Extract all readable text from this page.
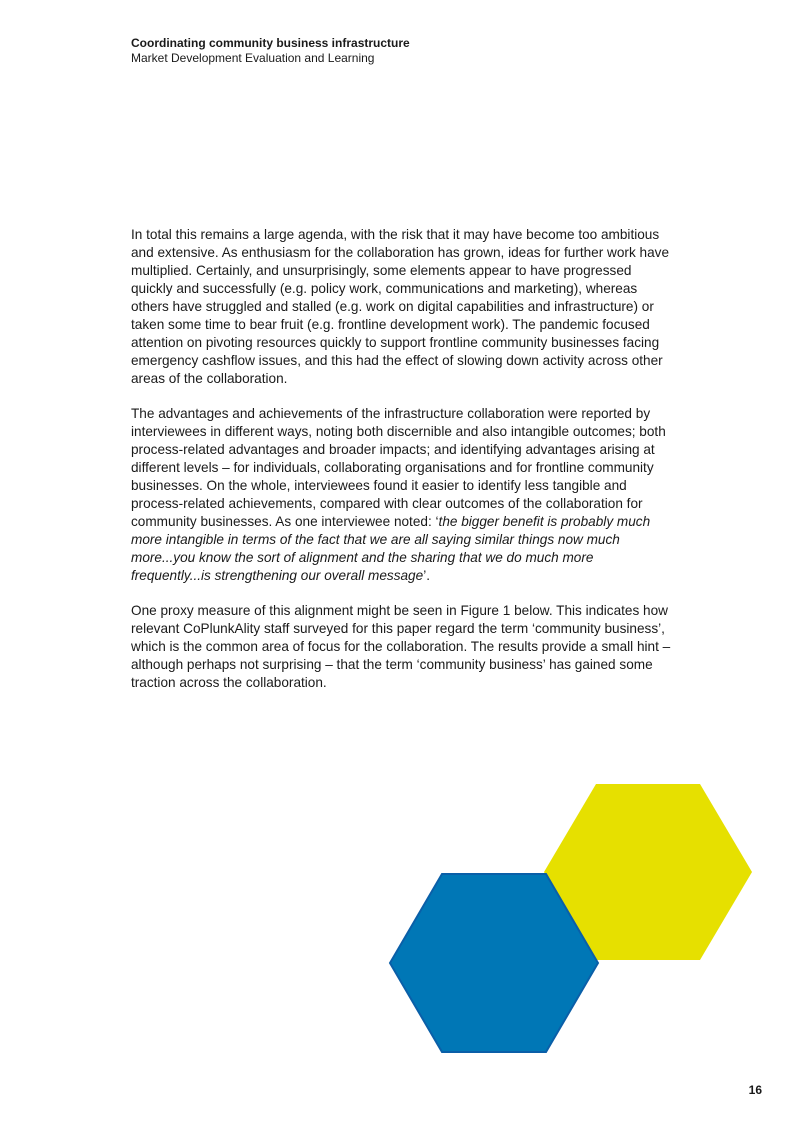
Coordinating community business infrastructure
Market Development Evaluation and Learning

In total this remains a large agenda, with the risk that it may have become too ambitious and extensive. As enthusiasm for the collaboration has grown, ideas for further work have multiplied. Certainly, and unsurprisingly, some elements appear to have progressed quickly and successfully (e.g. policy work, communications and marketing), whereas others have struggled and stalled (e.g. work on digital capabilities and infrastructure) or taken some time to bear fruit (e.g. frontline development work). The pandemic focused attention on pivoting resources quickly to support frontline community businesses facing emergency cashflow issues, and this had the effect of slowing down activity across other areas of the collaboration.

The advantages and achievements of the infrastructure collaboration were reported by interviewees in different ways, noting both discernible and also intangible outcomes; both process-related advantages and broader impacts; and identifying advantages arising at different levels – for individuals, collaborating organisations and for frontline community businesses. On the whole, interviewees found it easier to identify less tangible and process-related achievements, compared with clear outcomes of the collaboration for community businesses. As one interviewee noted: ‘the bigger benefit is probably much more intangible in terms of the fact that we are all saying similar things now much more...you know the sort of alignment and the sharing that we do much more frequently...is strengthening our overall message’.

One proxy measure of this alignment might be seen in Figure 1 below. This indicates how relevant CoPlunkAlity staff surveyed for this paper regard the term ‘community business’, which is the common area of focus for the collaboration. The results provide a small hint – although perhaps not surprising – that the term ‘community business’ has gained some traction across the collaboration.

16
